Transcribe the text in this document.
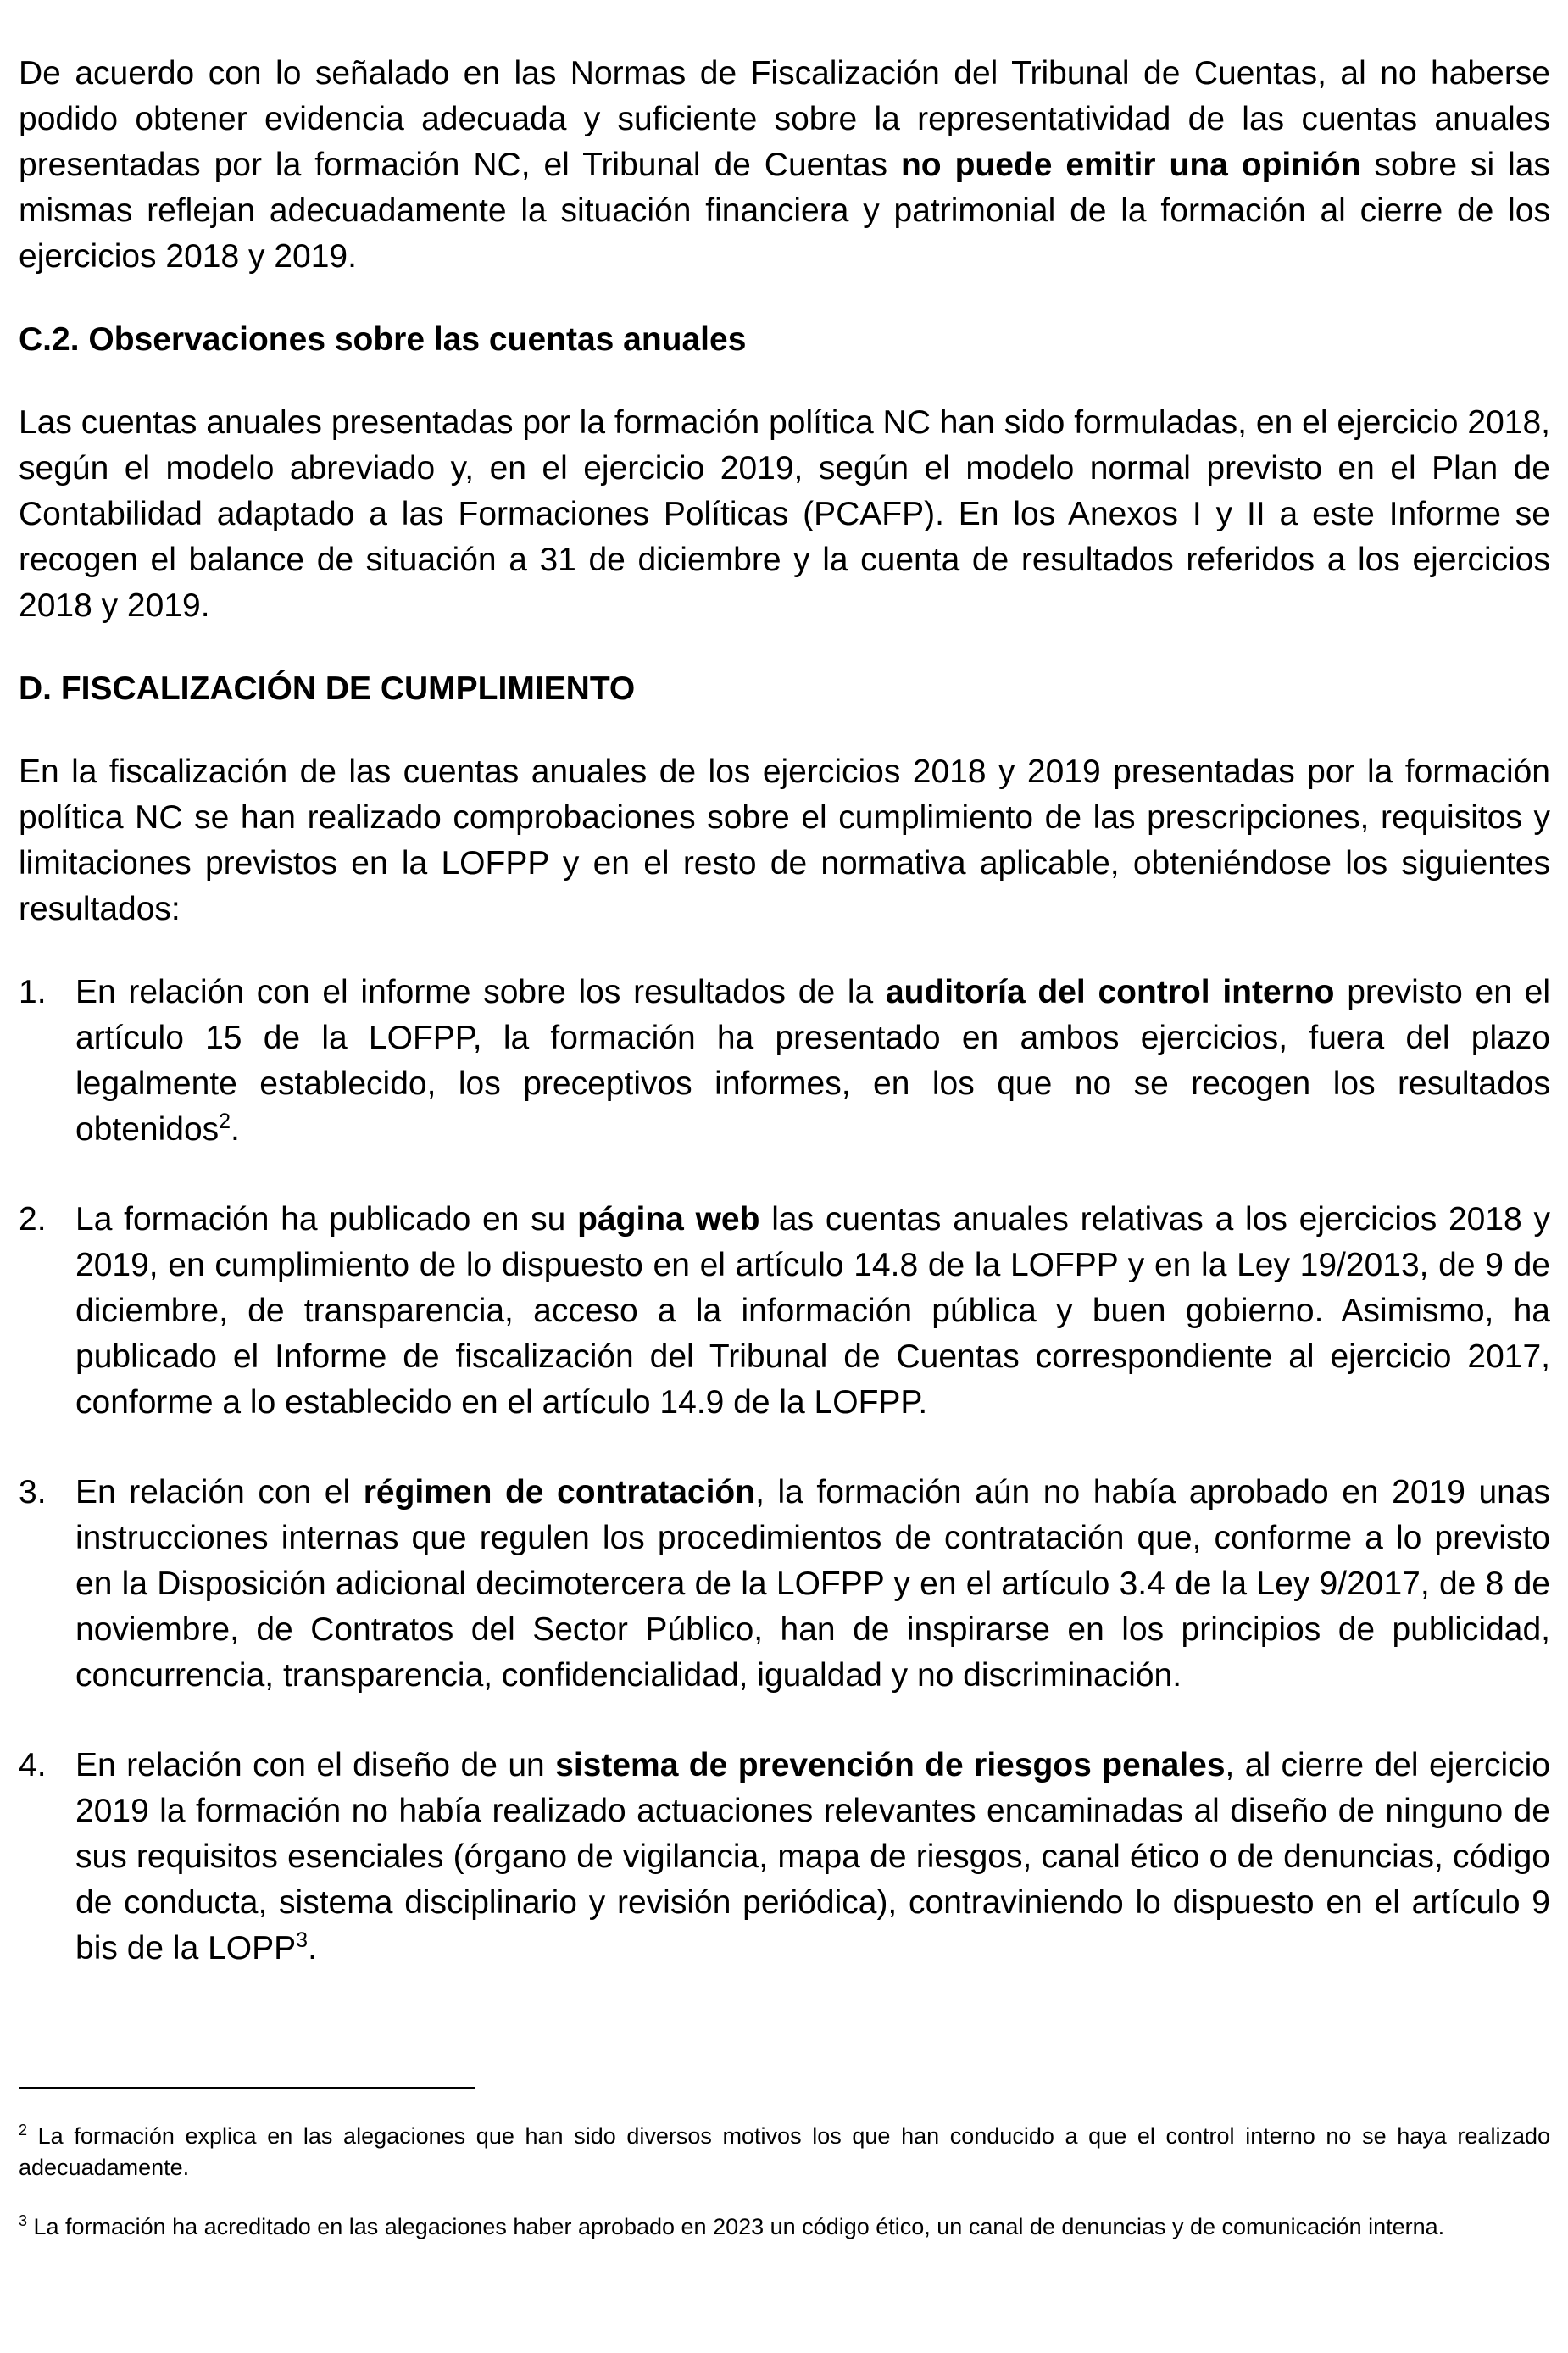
De acuerdo con lo señalado en las Normas de Fiscalización del Tribunal de Cuentas, al no haberse podido obtener evidencia adecuada y suficiente sobre la representatividad de las cuentas anuales presentadas por la formación NC, el Tribunal de Cuentas no puede emitir una opinión sobre si las mismas reflejan adecuadamente la situación financiera y patrimonial de la formación al cierre de los ejercicios 2018 y 2019.

C.2. Observaciones sobre las cuentas anuales

Las cuentas anuales presentadas por la formación política NC han sido formuladas, en el ejercicio 2018, según el modelo abreviado y, en el ejercicio 2019, según el modelo normal previsto en el Plan de Contabilidad adaptado a las Formaciones Políticas (PCAFP). En los Anexos I y II a este Informe se recogen el balance de situación a 31 de diciembre y la cuenta de resultados referidos a los ejercicios 2018 y 2019.

D. FISCALIZACIÓN DE CUMPLIMIENTO

En la fiscalización de las cuentas anuales de los ejercicios 2018 y 2019 presentadas por la formación política NC se han realizado comprobaciones sobre el cumplimiento de las prescripciones, requisitos y limitaciones previstos en la LOFPP y en el resto de normativa aplicable, obteniéndose los siguientes resultados:

1. En relación con el informe sobre los resultados de la auditoría del control interno previsto en el artículo 15 de la LOFPP, la formación ha presentado en ambos ejercicios, fuera del plazo legalmente establecido, los preceptivos informes, en los que no se recogen los resultados obtenidos$^2$.
2. La formación ha publicado en su página web las cuentas anuales relativas a los ejercicios 2018 y 2019, en cumplimiento de lo dispuesto en el artículo 14.8 de la LOFPP y en la Ley 19/2013, de 9 de diciembre, de transparencia, acceso a la información pública y buen gobierno. Asimismo, ha publicado el Informe de fiscalización del Tribunal de Cuentas correspondiente al ejercicio 2017, conforme a lo establecido en el artículo 14.9 de la LOFPP.
3. En relación con el régimen de contratación, la formación aún no había aprobado en 2019 unas instrucciones internas que regulen los procedimientos de contratación que, conforme a lo previsto en la Disposición adicional decimotercera de la LOFPP y en el artículo 3.4 de la Ley 9/2017, de 8 de noviembre, de Contratos del Sector Público, han de inspirarse en los principios de publicidad, concurrencia, transparencia, confidencialidad, igualdad y no discriminación.
4. En relación con el diseño de un sistema de prevención de riesgos penales, al cierre del ejercicio 2019 la formación no había realizado actuaciones relevantes encaminadas al diseño de ninguno de sus requisitos esenciales (órgano de vigilancia, mapa de riesgos, canal ético o de denuncias, código de conducta, sistema disciplinario y revisión periódica), contraviniendo lo dispuesto en el artículo 9 bis de la LOPP$^3$.

$^2$ La formación explica en las alegaciones que han sido diversos motivos los que han conducido a que el control interno no se haya realizado adecuadamente.

$^3$ La formación ha acreditado en las alegaciones haber aprobado en 2023 un código ético, un canal de denuncias y de comunicación interna.
